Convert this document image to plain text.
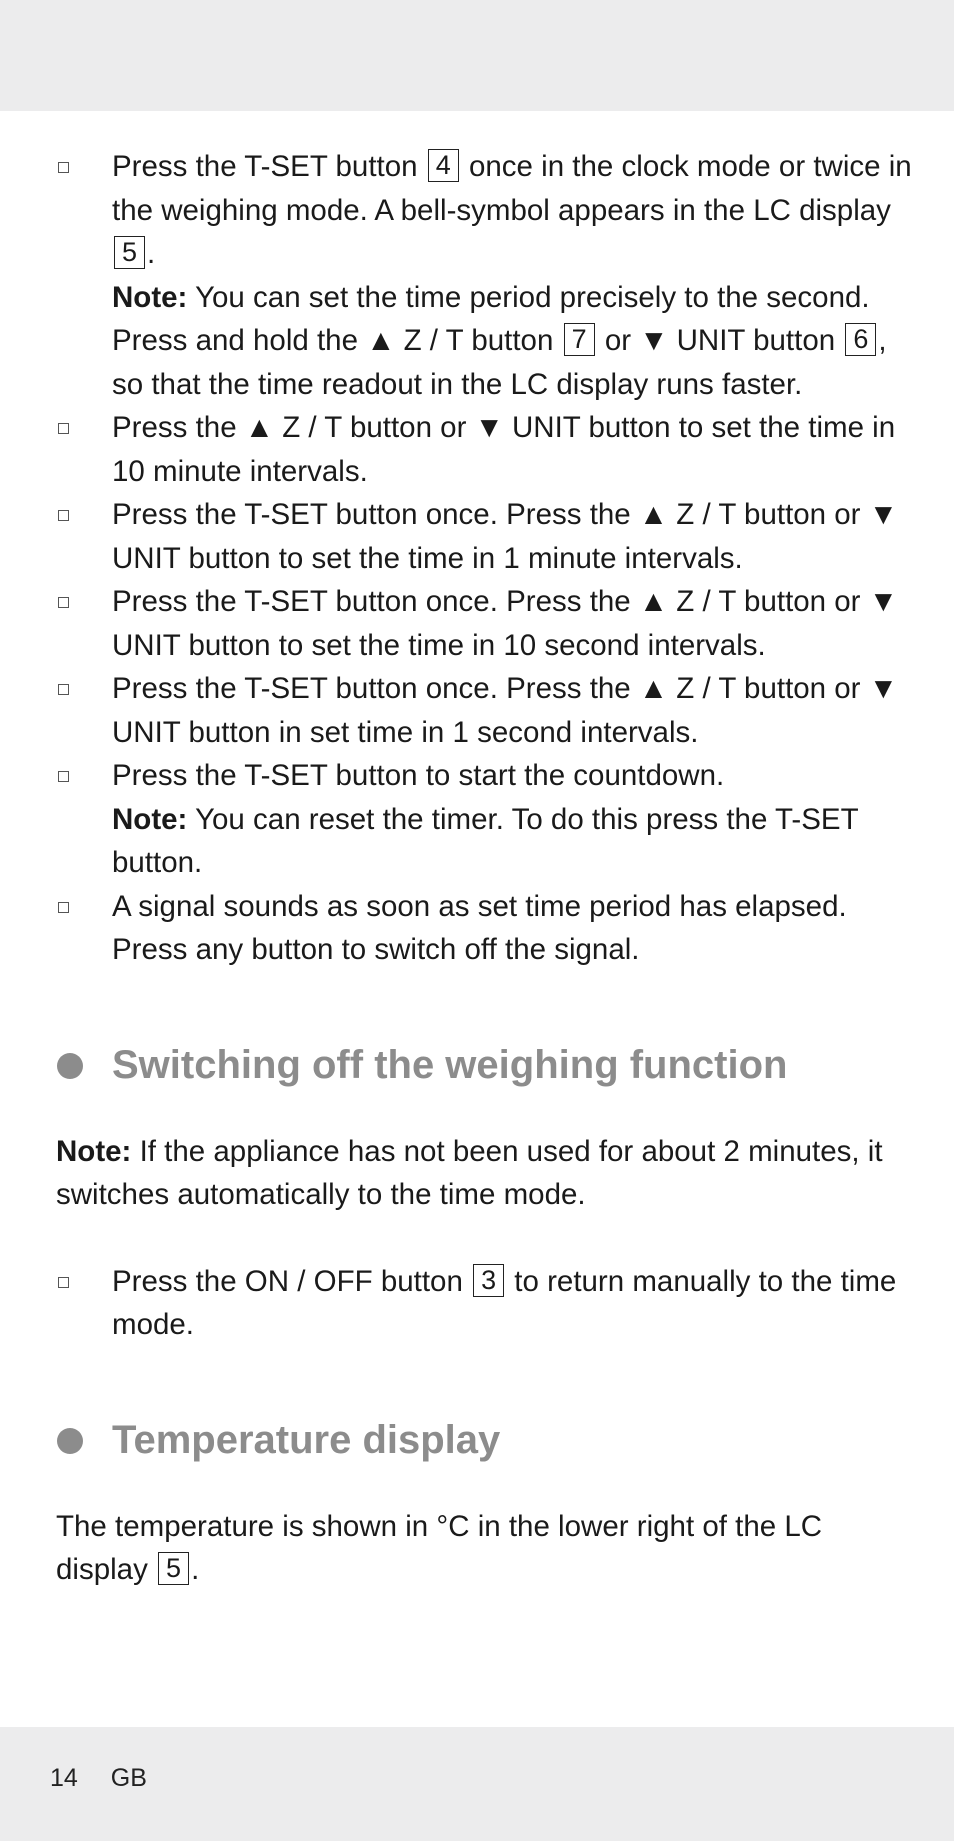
Press the T-SET button 4 once in the clock mode or twice in the weighing mode. A bell-symbol appears in the LC display 5 .
Note: You can set the time period precisely to the second. Press and hold the ▲ Z / T button 7 or ▼ UNIT button 6 , so that the time readout in the LC display runs faster.
Press the ▲ Z / T button or ▼ UNIT button to set the time in 10 minute intervals.
Press the T-SET button once. Press the ▲ Z / T button or ▼ UNIT button to set the time in 1 minute intervals.
Press the T-SET button once. Press the ▲ Z / T button or ▼ UNIT button to set the time in 10 second intervals.
Press the T-SET button once. Press the ▲ Z / T button or ▼ UNIT button in set time in 1 second intervals.
Press the T-SET button to start the countdown.
Note: You can reset the timer. To do this press the T-SET button.
A signal sounds as soon as set time period has elapsed. Press any button to switch off the signal.
Switching off the weighing function
Note: If the appliance has not been used for about 2 minutes, it switches automatically to the time mode.
Press the ON / OFF button 3 to return manually to the time mode.
Temperature display
The temperature is shown in °C in the lower right of the LC display 5 .
14 GB
